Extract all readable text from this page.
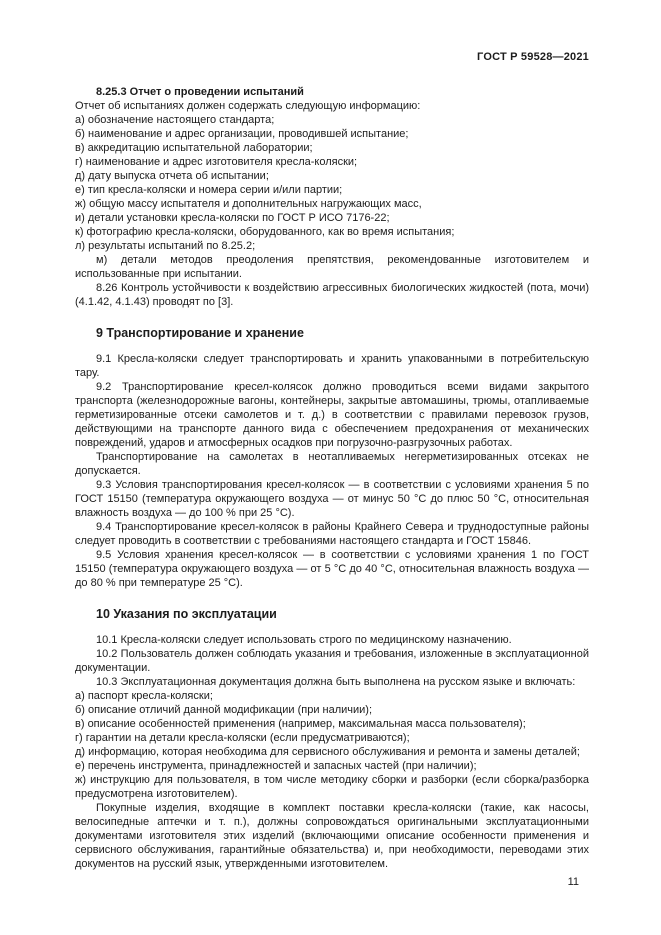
ГОСТ Р 59528—2021

8.25.3 Отчет о проведении испытаний

Отчет об испытаниях должен содержать следующую информацию:

а) обозначение настоящего стандарта;

б) наименование и адрес организации, проводившей испытание;

в) аккредитацию испытательной лаборатории;

г) наименование и адрес изготовителя кресла-коляски;

д) дату выпуска отчета об испытании;

е) тип кресла-коляски и номера серии и/или партии;

ж) общую массу испытателя и дополнительных нагружающих масс,

и) детали установки кресла-коляски по ГОСТ Р ИСО 7176-22;

к) фотографию кресла-коляски, оборудованного, как во время испытания;

л) результаты испытаний по 8.25.2;

м) детали методов преодоления препятствия, рекомендованные изготовителем и использованные при испытании.

8.26 Контроль устойчивости к воздействию агрессивных биологических жидкостей (пота, мочи) (4.1.42, 4.1.43) проводят по [3].

9 Транспортирование и хранение

9.1 Кресла-коляски следует транспортировать и хранить упакованными в потребительскую тару.

9.2 Транспортирование кресел-колясок должно проводиться всеми видами закрытого транспорта (железнодорожные вагоны, контейнеры, закрытые автомашины, трюмы, отапливаемые герметизированные отсеки самолетов и т. д.) в соответствии с правилами перевозок грузов, действующими на транспорте данного вида с обеспечением предохранения от механических повреждений, ударов и атмосферных осадков при погрузочно-разгрузочных работах.

Транспортирование на самолетах в неотапливаемых негерметизированных отсеках не допускается.

9.3 Условия транспортирования кресел-колясок — в соответствии с условиями хранения 5 по ГОСТ 15150 (температура окружающего воздуха — от минус 50 °С до плюс 50 °С, относительная влажность воздуха — до 100 % при 25 °С).

9.4 Транспортирование кресел-колясок в районы Крайнего Севера и труднодоступные районы следует проводить в соответствии с требованиями настоящего стандарта и ГОСТ 15846.

9.5 Условия хранения кресел-колясок — в соответствии с условиями хранения 1 по ГОСТ 15150 (температура окружающего воздуха — от 5 °С до 40 °С, относительная влажность воздуха — до 80 % при температуре 25 °С).

10 Указания по эксплуатации

10.1 Кресла-коляски следует использовать строго по медицинскому назначению.

10.2 Пользователь должен соблюдать указания и требования, изложенные в эксплуатационной документации.

10.3 Эксплуатационная документация должна быть выполнена на русском языке и включать:

а) паспорт кресла-коляски;

б) описание отличий данной модификации (при наличии);

в) описание особенностей применения (например, максимальная масса пользователя);

г) гарантии на детали кресла-коляски (если предусматриваются);

д) информацию, которая необходима для сервисного обслуживания и ремонта и замены деталей;

е) перечень инструмента, принадлежностей и запасных частей (при наличии);

ж) инструкцию для пользователя, в том числе методику сборки и разборки (если сборка/разборка предусмотрена изготовителем).

Покупные изделия, входящие в комплект поставки кресла-коляски (такие, как насосы, велосипедные аптечки и т. п.), должны сопровождаться оригинальными эксплуатационными документами изготовителя этих изделий (включающими описание особенности применения и сервисного обслуживания, гарантийные обязательства) и, при необходимости, переводами этих документов на русский язык, утвержденными изготовителем.

11
